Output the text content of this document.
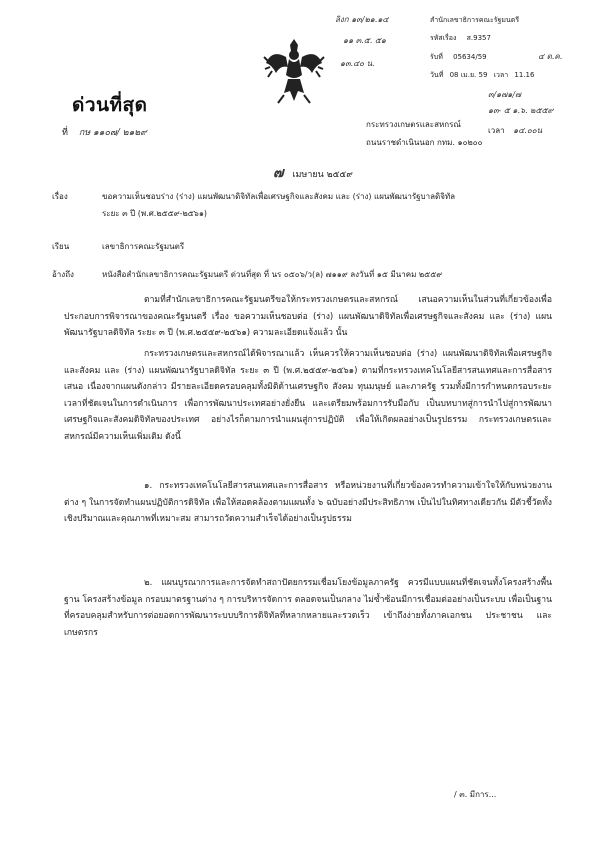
ลิงก ๑๓/๒๑.๑๔
๑๑ ๓.๕. ๕๑
๑๓.๔๐ น.
สำนักเลขาธิการคณะรัฐมนตรี
รหัสเรื่อง ส.9357
รับที่ 05634/59	๔ ต.ค.
วันที่ 08 เม.ย. 59 เวลา 11.16
ด่วนที่สุด
ที่ กษ ๑๑๐๗/ ๒๑๒๙
๓/๑๗๑/๗
๑๓- ๕ ๑.๖. ๒๕๕๙
เวลา ๑๔.๐๐น
กระทรวงเกษตรและสหกรณ์
ถนนราชดำเนินนอก กทม. ๑๐๒๐๐
๗ เมษายน ๒๕๕๙
เรื่อง	ขอความเห็นชอบร่าง (ร่าง) แผนพัฒนาดิจิทัลเพื่อเศรษฐกิจและสังคม และ (ร่าง) แผนพัฒนารัฐบาลดิจิทัล
ระยะ ๓ ปี (พ.ศ.๒๕๕๙-๒๕๖๑)
เรียน	เลขาธิการคณะรัฐมนตรี
อ้างถึง	หนังสือสำนักเลขาธิการคณะรัฐมนตรี ด่วนที่สุด ที่ นร ๐๕๐๖/ว(ล) ๗๑๑๙ ลงวันที่ ๑๕ มีนาคม ๒๕๕๙
ตามที่สำนักเลขาธิการคณะรัฐมนตรีขอให้กระทรวงเกษตรและสหกรณ์ เสนอความเห็นในส่วนที่เกี่ยวข้องเพื่อประกอบการพิจารณาของคณะรัฐมนตรี เรื่อง ขอความเห็นชอบต่อ (ร่าง) แผนพัฒนาดิจิทัลเพื่อเศรษฐกิจและสังคม และ (ร่าง) แผนพัฒนารัฐบาลดิจิทัล ระยะ ๓ ปี (พ.ศ.๒๕๕๙-๒๕๖๑) ความละเอียดแจ้งแล้ว นั้น
กระทรวงเกษตรและสหกรณ์ได้พิจารณาแล้ว เห็นควรให้ความเห็นชอบต่อ (ร่าง) แผนพัฒนาดิจิทัลเพื่อเศรษฐกิจและสังคม และ (ร่าง) แผนพัฒนารัฐบาลดิจิทัล ระยะ ๓ ปี (พ.ศ.๒๕๕๙-๒๕๖๑) ตามที่กระทรวงเทคโนโลยีสารสนเทศและการสื่อสารเสนอ เนื่องจากแผนดังกล่าว มีรายละเอียดครอบคลุมทั้งมิติด้านเศรษฐกิจ สังคม ทุนมนุษย์ และภาครัฐ รวมทั้งมีการกำหนดกรอบระยะเวลาที่ชัดเจนในการดำเนินการ เพื่อการพัฒนาประเทศอย่างยั่งยืน และเตรียมพร้อมการรับมือกับ เป็นบทบาทสู่การนำไปสู่การพัฒนาเศรษฐกิจและสังคมดิจิทัลของประเทศ อย่างไรก็ตามการนำแผนสู่การปฏิบัติ เพื่อให้เกิดผลอย่างเป็นรูปธรรม กระทรวงเกษตรและสหกรณ์มีความเห็นเพิ่มเติม ดังนี้
๑. กระทรวงเทคโนโลยีสารสนเทศและการสื่อสาร หรือหน่วยงานที่เกี่ยวข้องควรทำความเข้าใจให้กับหน่วยงานต่าง ๆ ในการจัดทำแผนปฏิบัติการดิจิทัล เพื่อให้สอดคล้องตามแผนทั้ง ๖ ฉบับอย่างมีประสิทธิภาพ เป็นไปในทิศทางเดียวกัน มีตัวชี้วัดทั้งเชิงปริมาณและคุณภาพที่เหมาะสม สามารถวัดความสำเร็จได้อย่างเป็นรูปธรรม
๒. แผนบูรณาการและการจัดทำสถาปัตยกรรมเชื่อมโยงข้อมูลภาครัฐ ควรมีแบบแผนที่ชัดเจนทั้งโครงสร้างพื้นฐาน โครงสร้างข้อมูล กรอบมาตรฐานต่าง ๆ การบริหารจัดการ ตลอดจนเป็นกลาง ไม่ซ้ำซ้อนมีการเชื่อมต่ออย่างเป็นระบบ เพื่อเป็นฐานที่ครอบคลุมสำหรับการต่อยอดการพัฒนาระบบบริการดิจิทัลที่หลากหลายและรวดเร็ว เข้าถึงง่ายทั้งภาคเอกชน ประชาชน และเกษตรกร
/ ๓. มีการ...
